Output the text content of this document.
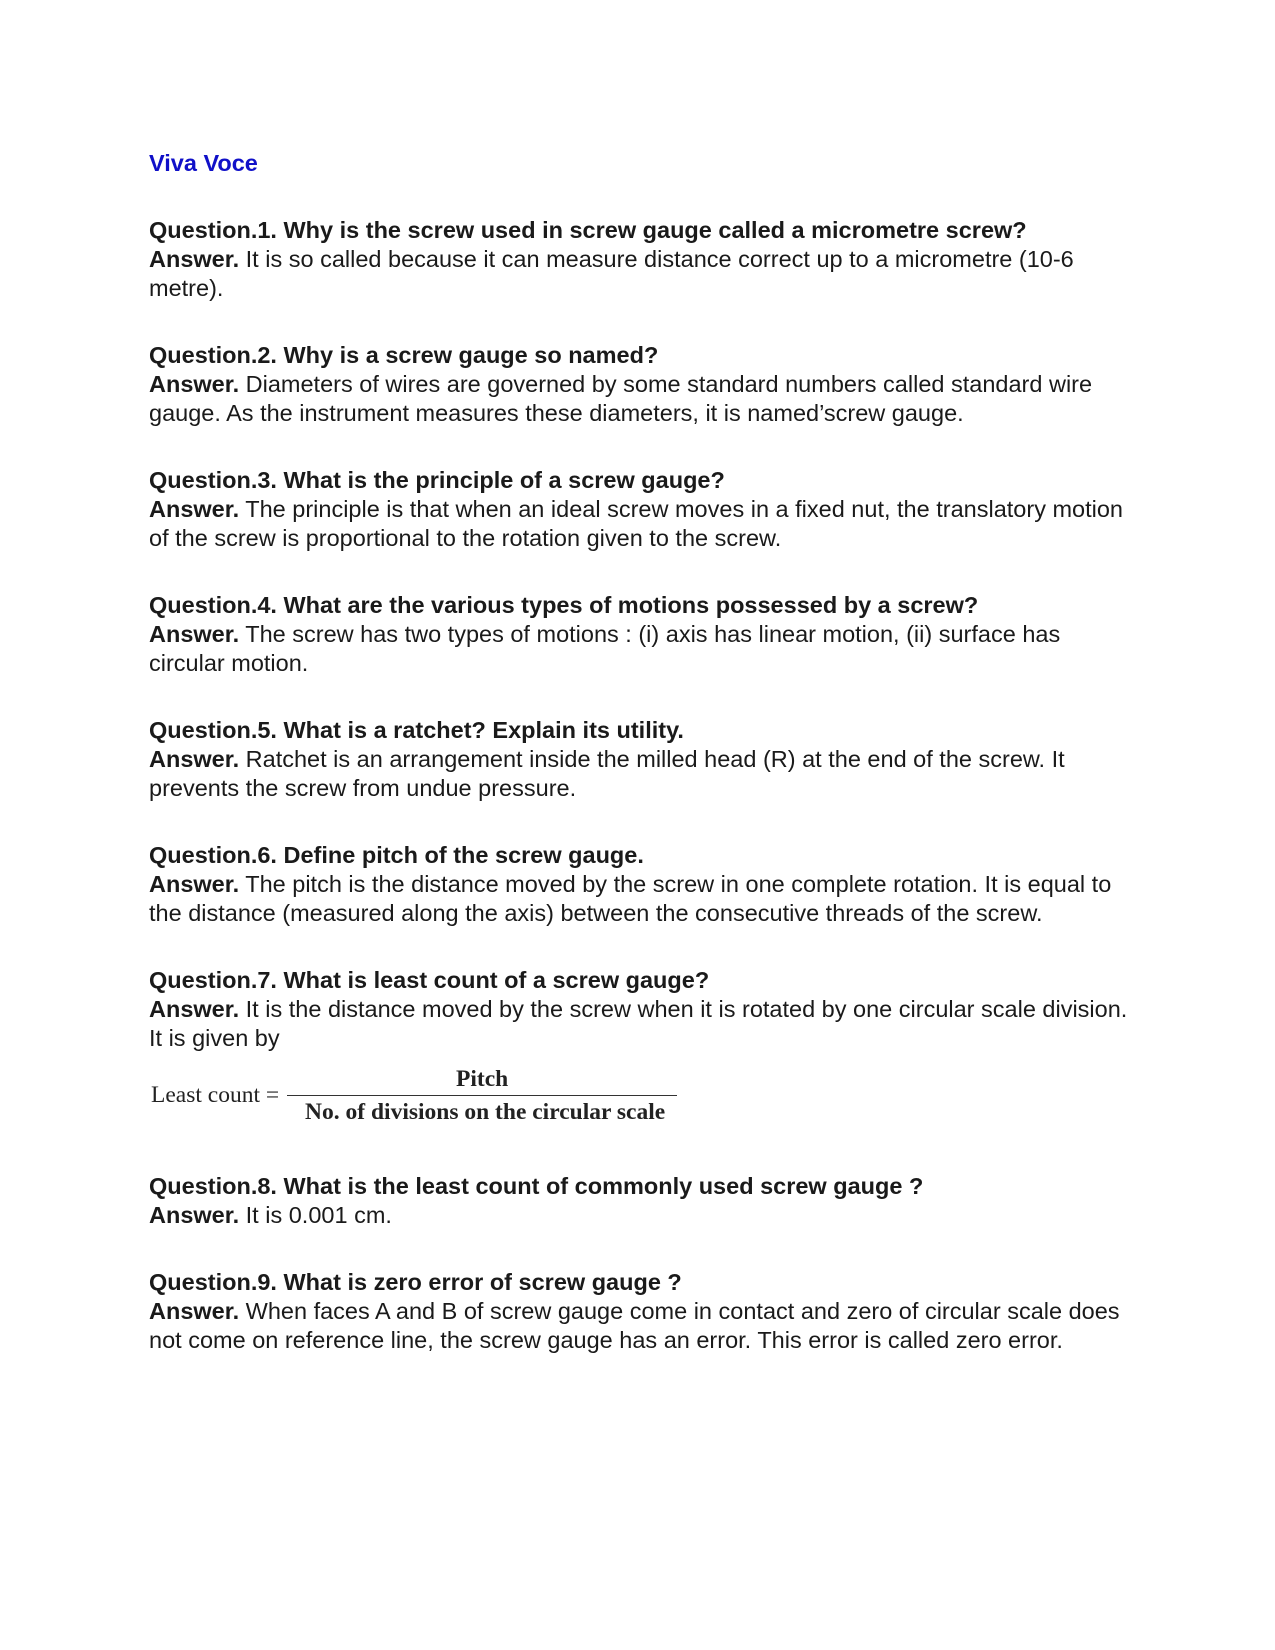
Viva Voce

Question.1. Why is the screw used in screw gauge called a micrometre screw?

Answer. It is so called because it can measure distance correct up to a micrometre (10-6 metre).

Question.2. Why is a screw gauge so named?

Answer. Diameters of wires are governed by some standard numbers called standard wire gauge. As the instrument measures these diameters, it is named’screw gauge.

Question.3. What is the principle of a screw gauge?

Answer. The principle is that when an ideal screw moves in a fixed nut, the translatory motion of the screw is proportional to the rotation given to the screw.

Question.4. What are the various types of motions possessed by a screw?

Answer. The screw has two types of motions : (i) axis has linear motion, (ii) surface has circular motion.

Question.5. What is a ratchet? Explain its utility.

Answer. Ratchet is an arrangement inside the milled head (R) at the end of the screw. It prevents the screw from undue pressure.

Question.6. Define pitch of the screw gauge.

Answer. The pitch is the distance moved by the screw in one complete rotation. It is equal to the distance (measured along the axis) between the consecutive threads of the screw.

Question.7. What is least count of a screw gauge?

Answer. It is the distance moved by the screw when it is rotated by one circular scale division. It is given by

Least count = $\frac{\text{Pitch}}{\text{No. of divisions on the circular scale}}$

Question.8. What is the least count of commonly used screw gauge ?

Answer. It is 0.001 cm.

Question.9. What is zero error of screw gauge ?

Answer. When faces A and B of screw gauge come in contact and zero of circular scale does not come on reference line, the screw gauge has an error. This error is called zero error.
